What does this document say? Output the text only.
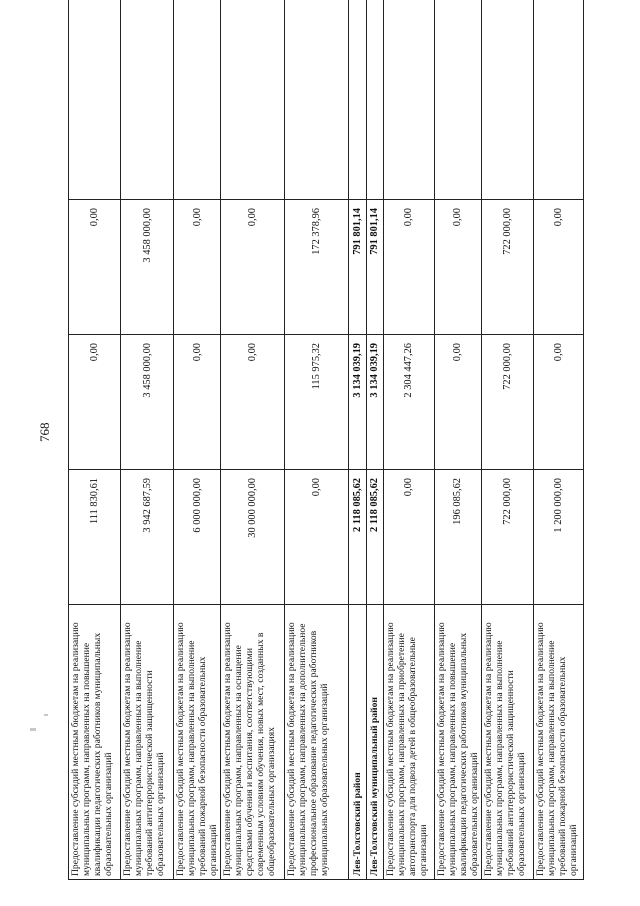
768
Предоставление субсидий местным бюджетам на реализацию муниципальных программ, направленных на повышение квалификации педагогических работников муниципальных образовательных организаций	111 830,61	0,00	0,00	
Предоставление субсидий местным бюджетам на реализацию муниципальных программ, направленных на выполнение требований антитеррористической защищенности образовательных организаций	3 942 687,59	3 458 000,00	3 458 000,00	
Предоставление субсидий местным бюджетам на реализацию муниципальных программ, направленных на выполнение требований пожарной безопасности образовательных организаций	6 000 000,00	0,00	0,00	
Предоставление субсидий местным бюджетам на реализацию муниципальных программ, направленных на оснащение средствами обучения и воспитания, соответствующими современным условиям обучения, новых мест, созданных в общеобразовательных организациях	30 000 000,00	0,00	0,00	
Предоставление субсидий местным бюджетам на реализацию муниципальных программ, направленных на дополнительное профессиональное образование педагогических работников муниципальных образовательных организаций	0,00	115 975,32	172 378,96	
Лев-Толстовский район	2 118 085,62	3 134 039,19	791 801,14	
Лев-Толстовский муниципальный район	2 118 085,62	3 134 039,19	791 801,14	
Предоставление субсидий местным бюджетам на реализацию муниципальных программ, направленных на приобретение автотранспорта для подвоза детей в общеобразовательные организации	0,00	2 304 447,26	0,00	
Предоставление субсидий местным бюджетам на реализацию муниципальных программ, направленных на повышение квалификации педагогических работников муниципальных образовательных организаций	196 085,62	0,00	0,00	
Предоставление субсидий местным бюджетам на реализацию муниципальных программ, направленных на выполнение требований антитеррористической защищенности образовательных организаций	722 000,00	722 000,00	722 000,00	
Предоставление субсидий местным бюджетам на реализацию муниципальных программ, направленных на выполнение требований пожарной безопасности образовательных организаций	1 200 000,00	0,00	0,00	
